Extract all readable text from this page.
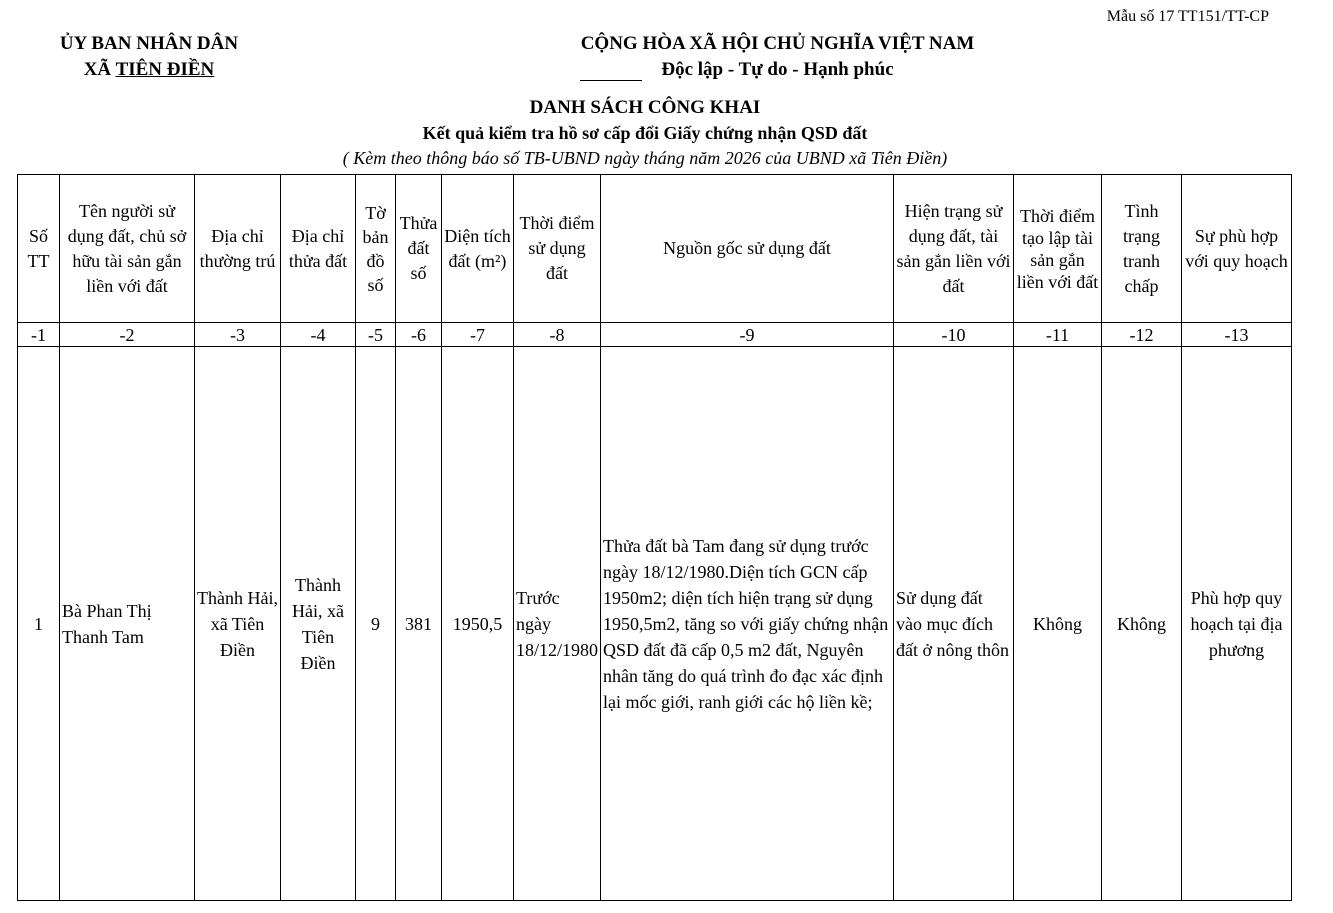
Mẫu số 17 TT151/TT-CP
ỦY BAN NHÂN DÂN
XÃ TIÊN ĐIỀN
CỘNG HÒA XÃ HỘI CHỦ NGHĨA VIỆT NAM
Độc lập - Tự do - Hạnh phúc
DANH SÁCH CÔNG KHAI
Kết quả kiểm tra hồ sơ cấp đổi Giấy chứng nhận QSD đất
( Kèm theo thông báo số TB-UBND ngày tháng năm 2026 của UBND xã Tiên Điền)
Số TT	Tên người sử dụng đất, chủ sở hữu tài sản gắn liền với đất	Địa chỉ thường trú	Địa chỉ thửa đất	Tờ bản đồ số	Thửa đất số	Diện tích đất (m²)	Thời điểm sử dụng đất	Nguồn gốc sử dụng đất	Hiện trạng sử dụng đất, tài sản gắn liền với đất	Thời điểm tạo lập tài sản gắn liền với đất	Tình trạng tranh chấp	Sự phù hợp với quy hoạch
-1	-2	-3	-4	-5	-6	-7	-8	-9	-10	-11	-12	-13
1	Bà Phan Thị Thanh Tam	Thành Hải, xã Tiên Điền	Thành Hải, xã Tiên Điền	9	381	1950,5	Trước ngày 18/12/1980	Thửa đất bà Tam đang sử dụng trước ngày 18/12/1980.Diện tích GCN cấp 1950m2; diện tích hiện trạng sử dụng 1950,5m2, tăng so với giấy chứng nhận QSD đất đã cấp 0,5 m2 đất, Nguyên nhân tăng do quá trình đo đạc xác định lại mốc giới, ranh giới các hộ liền kề;	Sử dụng đất vào mục đích đất ở nông thôn	Không	Không	Phù hợp quy hoạch tại địa phương
